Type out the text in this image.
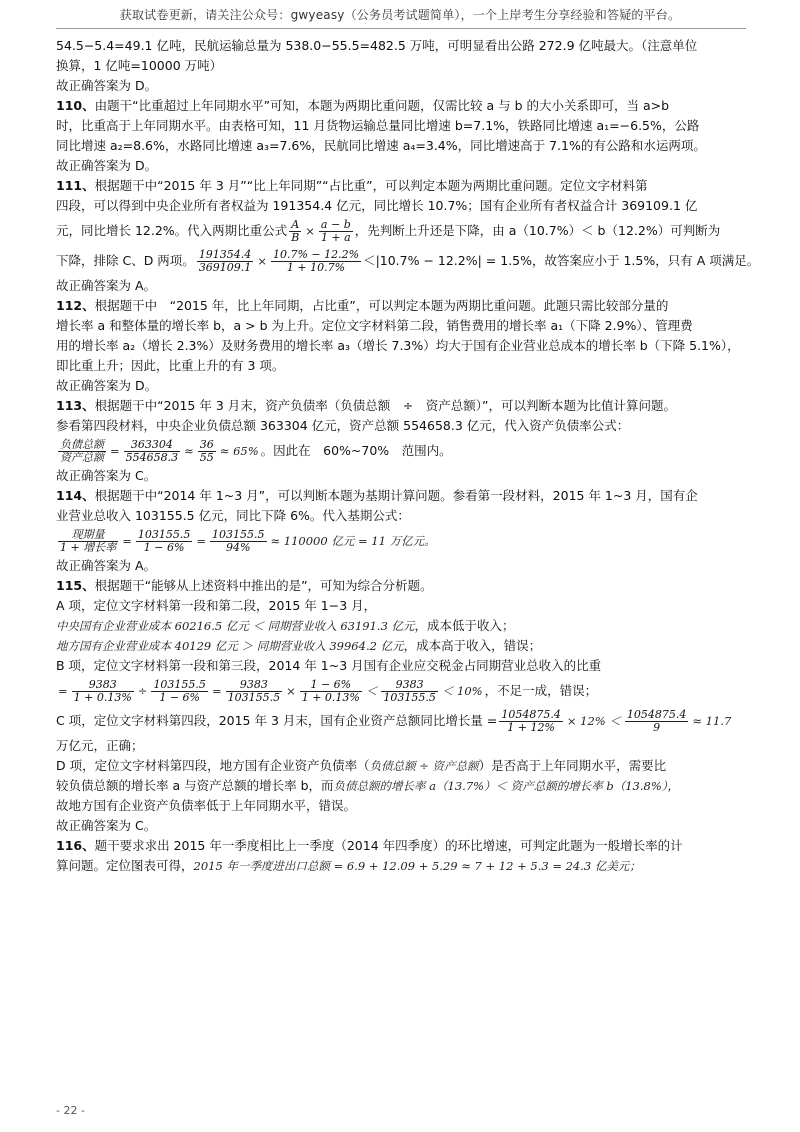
获取试卷更新，请关注公众号：gwyeasy（公务员考试题简单），一个上岸考生分享经验和答疑的平台。

54.5−5.4=49.1 亿吨，民航运输总量为 538.0−55.5=482.5 万吨，可明显看出公路 272.9 亿吨最大。（注意单位

换算，1 亿吨=10000 万吨）

故正确答案为 D。

110、由题干“比重超过上年同期水平”可知，本题为两期比重问题，仅需比较 a 与 b 的大小关系即可，当 a>b

时，比重高于上年同期水平。由表格可知，11 月货物运输总量同比增速 b=7.1%，铁路同比增速 a₁=−6.5%，公路

同比增速 a₂=8.6%，水路同比增速 a₃=7.6%，民航同比增速 a₄=3.4%，同比增速高于 7.1%的有公路和水运两项。

故正确答案为 D。

111、根据题干中“2015 年 3 月”“比上年同期”“占比重”，可以判定本题为两期比重问题。定位文字材料第

四段，可以得到中央企业所有者权益为 191354.4 亿元，同比增长 10.7%；国有企业所有者权益合计 369109.1 亿

元，同比增长 12.2%。代入两期比重公式 $\frac{A}{B} \times \frac{a - b}{1 + a}$ ，先判断上升还是下降，由 a（10.7%）＜ b（12.2%）可判断为
下降，排除 C、D 两项。 $\frac{191354.4}{369109.1} \times \frac{10.7\% - 12.2\%}{1 + 10.7\%} <|10.7\% - 12.2\%| = 1.5\%$，故答案应小于 1.5%，只有 A 项满足。

故正确答案为 A。

112、根据题干中　“2015 年，比上年同期，占比重”，可以判定本题为两期比重问题。此题只需比较部分量的

增长率 a 和整体量的增长率 b，a > b 为上升。定位文字材料第二段，销售费用的增长率 a₁（下降 2.9%）、管理费

用的增长率 a₂（增长 2.3%）及财务费用的增长率 a₃（增长 7.3%）均大于国有企业营业总成本的增长率 b（下降 5.1%），

即比重上升；因此，比重上升的有 3 项。

故正确答案为 D。

113、根据题干中“2015 年 3 月末，资产负债率（负债总额　÷　资产总额）”，可以判断本题为比值计算问题。

参看第四段材料，中央企业负债总额 363304 亿元，资产总额 554658.3 亿元，代入资产负债率公式：

$\frac{\text{负债总额}}{\text{资产总额}} = \frac{363304}{554658.3} \approx \frac{36}{55} \approx 65\%$ 。因此在　60%~70%　范围内。

故正确答案为 C。

114、根据题干中“2014 年 1~3 月”，可以判断本题为基期计算问题。参看第一段材料，2015 年 1~3 月，国有企

业营业总收入 103155.5 亿元，同比下降 6%。代入基期公式：

$\frac{\text{现期量}}{\text{1 + 增长率}} = \frac{103155.5}{1 - 6\%} = \frac{103155.5}{94\%} \approx 110000$ 亿元 = 11 万亿元。

故正确答案为 A。

115、根据题干“能够从上述资料中推出的是”，可知为综合分析题。

A 项，定位文字材料第一段和第二段，2015 年 1−3 月，

中央国有企业营业成本 60216.5 亿元 ＜ 同期营业收入 63191.3 亿元，成本低于收入；

地方国有企业营业成本 40129 亿元 ＞ 同期营业收入 39964.2 亿元，成本高于收入，错误；

B 项，定位文字材料第一段和第三段，2014 年 1~3 月国有企业应交税金占同期营业总收入的比重

= $\frac{9383}{1 + 0.13\%} \div \frac{103155.5}{1 - 6\%} = \frac{9383}{103155.5} \times \frac{1 - 6\%}{1 + 0.13\%} < \frac{9383}{103155.5} < 10\%$ ，不足一成，错误；
C 项，定位文字材料第四段，2015 年 3 月末，国有企业资产总额同比增长量 = $\frac{1054875.4}{1 + 12\%} \times 12\% < \frac{1054875.4}{9} \approx 11.7$

万亿元，正确；

D 项，定位文字材料第四段，地方国有企业资产负债率（负债总额 ÷ 资产总额）是否高于上年同期水平，需要比

较负债总额的增长率 a 与资产总额的增长率 b，而负债总额的增长率 a（13.7%）＜ 资产总额的增长率 b（13.8%），

故地方国有企业资产负债率低于上年同期水平，错误。

故正确答案为 C。

116、题干要求求出 2015 年一季度相比上一季度（2014 年四季度）的环比增速，可判定此题为一般增长率的计

算问题。定位图表可得，2015 年一季度进出口总额 = 6.9 + 12.09 + 5.29 ≈ 7 + 12 + 5.3 = 24.3 亿美元；

- 22 -
